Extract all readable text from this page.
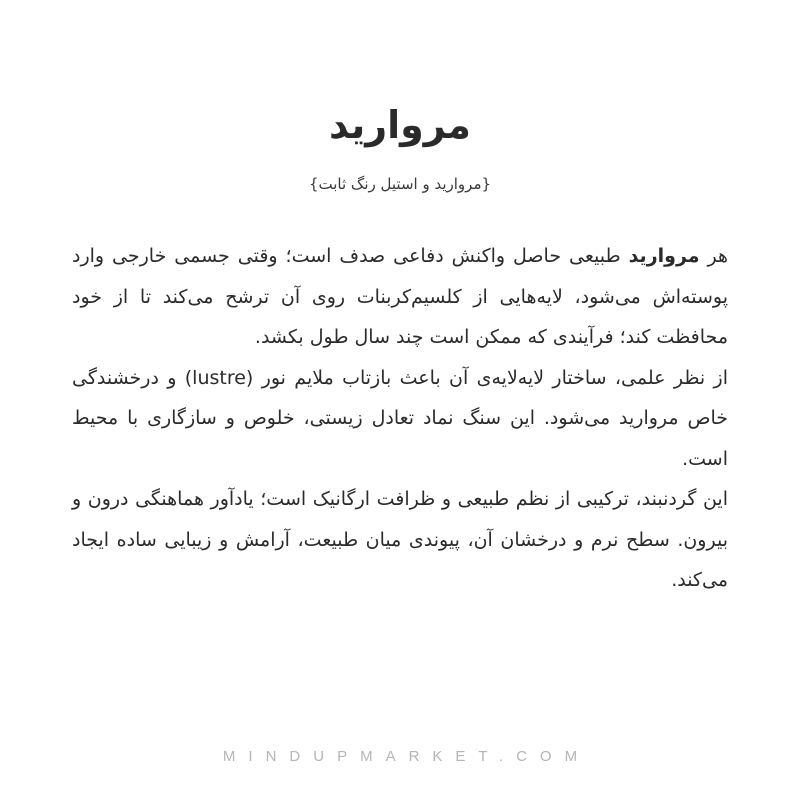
مروارید
{مروارید و استیل رنگ ثابت}

هر مروارید طبیعی حاصل واکنش دفاعی صدف است؛ وقتی جسمی خارجی وارد پوسته‌اش می‌شود، لایه‌هایی از کلسیم‌کربنات روی آن ترشح می‌کند تا از خود محافظت کند؛ فرآیندی که ممکن است چند سال طول بکشد.

از نظر علمی، ساختار لایه‌لایه‌ی آن باعث بازتاب ملایم نور (lustre) و درخشندگی خاص مروارید می‌شود. این سنگ نماد تعادل زیستی، خلوص و سازگاری با محیط است.

این گردنبند، ترکیبی از نظم طبیعی و ظرافت ارگانیک است؛ یادآور هماهنگی درون و بیرون. سطح نرم و درخشان آن، پیوندی میان طبیعت، آرامش و زیبایی ساده ایجاد می‌کند.

MINDUPMARKET.COM
